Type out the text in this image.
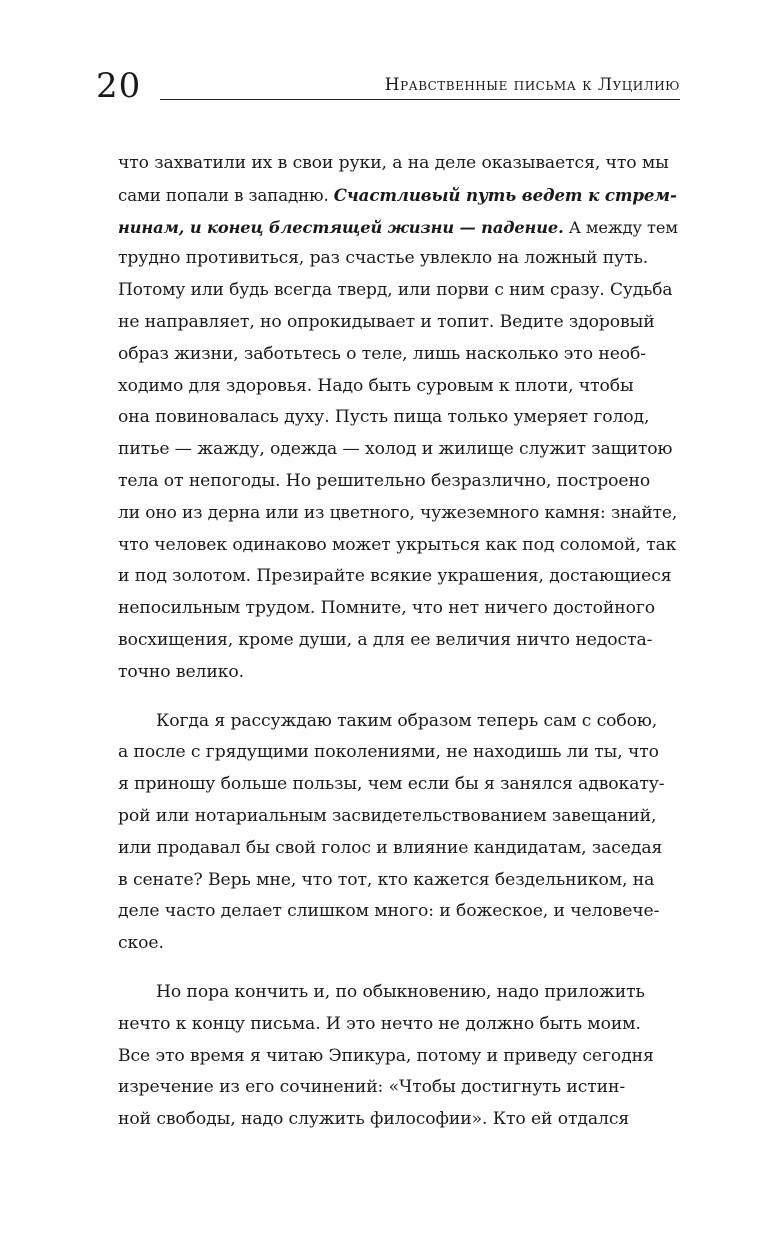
20	Нравственные письма к Луцилию
что захватили их в свои руки, а на деле оказывается, что мы
сами попали в западню. Счастливый путь ведет к стрем-
нинам, и конец блестящей жизни — падение. А между тем
трудно противиться, раз счастье увлекло на ложный путь.
Потому или будь всегда тверд, или порви с ним сразу. Судьба
не направляет, но опрокидывает и топит. Ведите здоровый
образ жизни, заботьтесь о теле, лишь насколько это необ-
ходимо для здоровья. Надо быть суровым к плоти, чтобы
она повиновалась духу. Пусть пища только умеряет голод,
питье — жажду, одежда — холод и жилище служит защитою
тела от непогоды. Но решительно безразлично, построено
ли оно из дерна или из цветного, чужеземного камня: знайте,
что человек одинаково может укрыться как под соломой, так
и под золотом. Презирайте всякие украшения, достающиеся
непосильным трудом. Помните, что нет ничего достойного
восхищения, кроме души, а для ее величия ничто недоста-
точно велико.
Когда я рассуждаю таким образом теперь сам с собою,
а после с грядущими поколениями, не находишь ли ты, что
я приношу больше пользы, чем если бы я занялся адвокату-
рой или нотариальным засвидетельствованием завещаний,
или продавал бы свой голос и влияние кандидатам, заседая
в сенате? Верь мне, что тот, кто кажется бездельником, на
деле часто делает слишком много: и божеское, и человече-
ское.
Но пора кончить и, по обыкновению, надо приложить
нечто к концу письма. И это нечто не должно быть моим.
Все это время я читаю Эпикура, потому и приведу сегодня
изречение из его сочинений: «Чтобы достигнуть истин-
ной свободы, надо служить философии». Кто ей отдался
